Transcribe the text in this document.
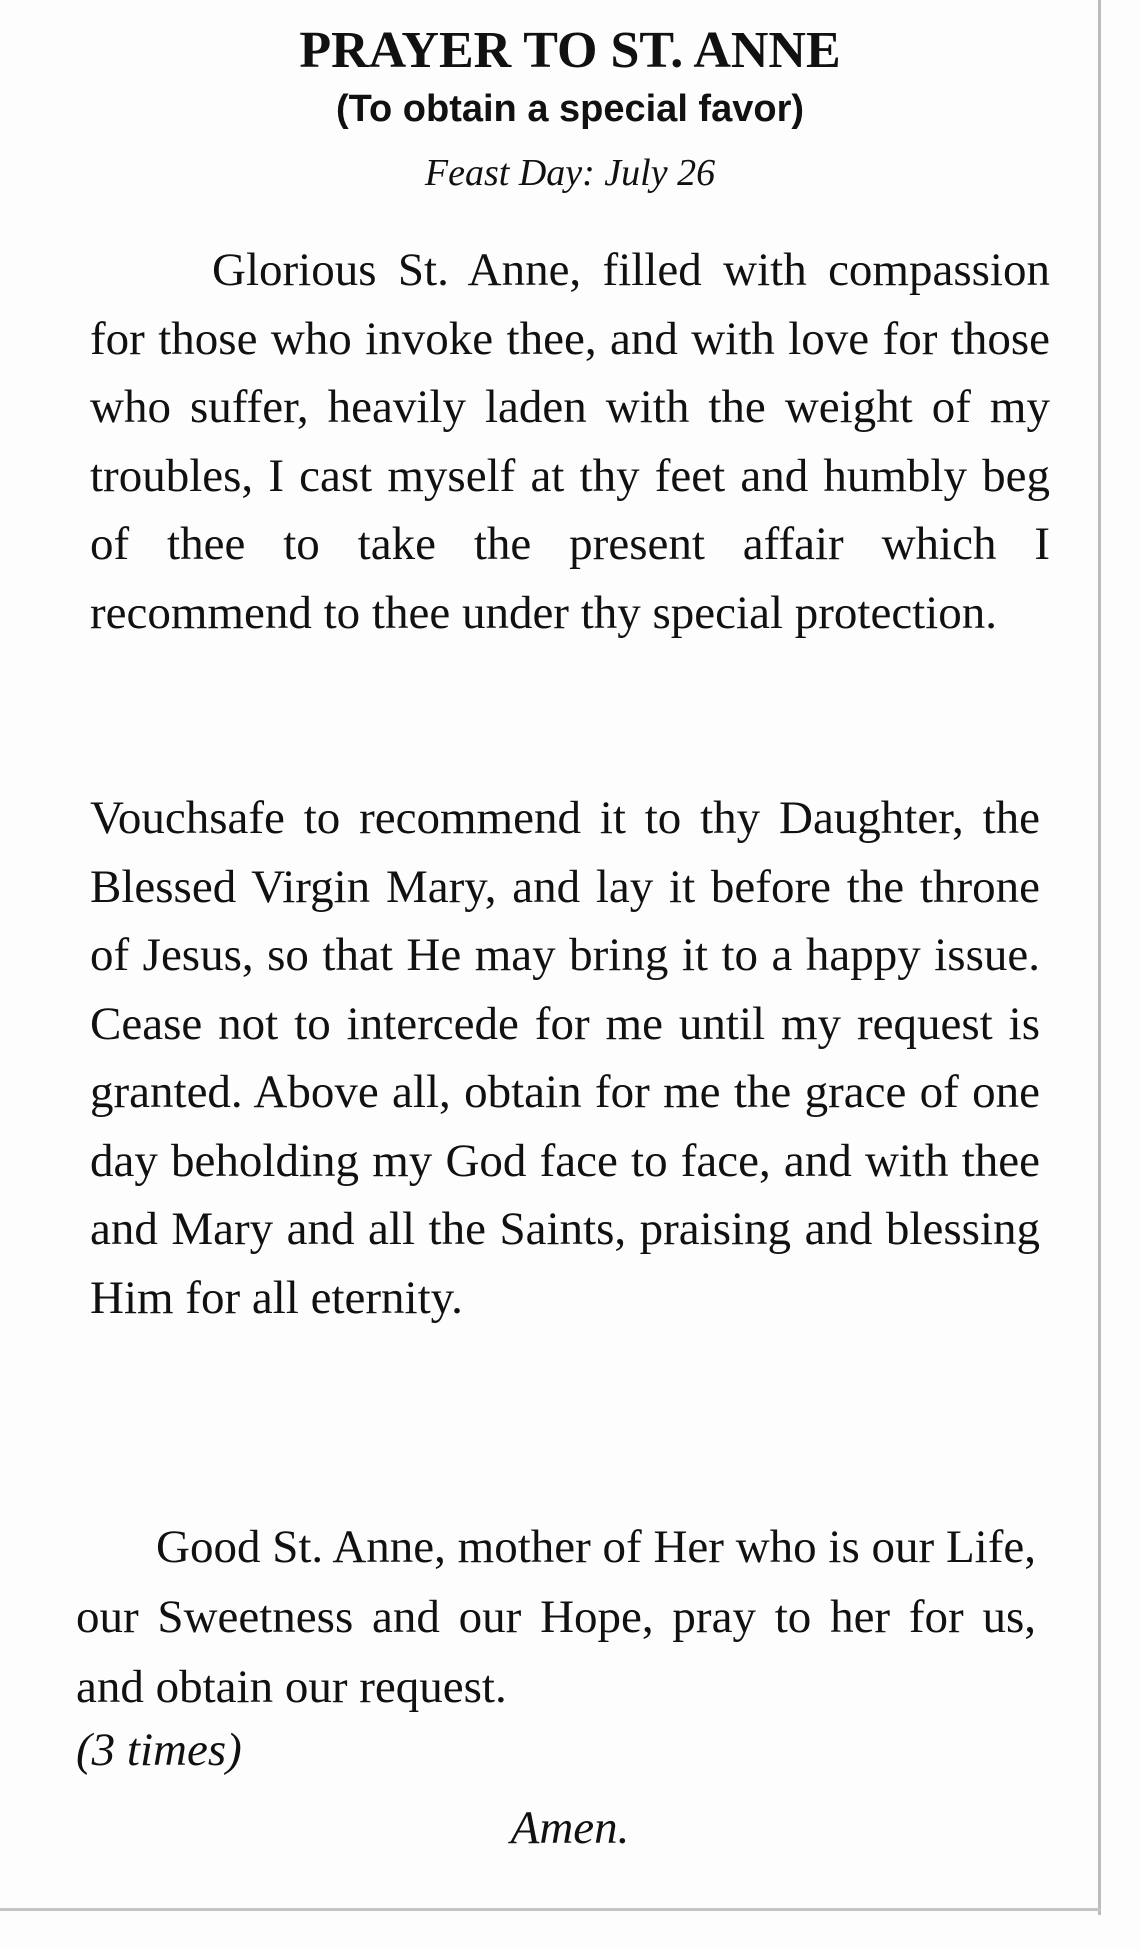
PRAYER TO ST. ANNE
(To obtain a special favor)
Feast Day: July 26
Glorious St. Anne, filled with compassion for those who invoke thee, and with love for those who suffer, heavily laden with the weight of my troubles, I cast myself at thy feet and humbly beg of thee to take the present affair which I recommend to thee under thy special protection.
Vouchsafe to recommend it to thy Daughter, the Blessed Virgin Mary, and lay it before the throne of Jesus, so that He may bring it to a happy issue. Cease not to intercede for me until my request is granted. Above all, obtain for me the grace of one day beholding my God face to face, and with thee and Mary and all the Saints, praising and blessing Him for all eternity.
Good St. Anne, mother of Her who is our Life, our Sweetness and our Hope, pray to her for us, and obtain our request.
(3 times)
Amen.
